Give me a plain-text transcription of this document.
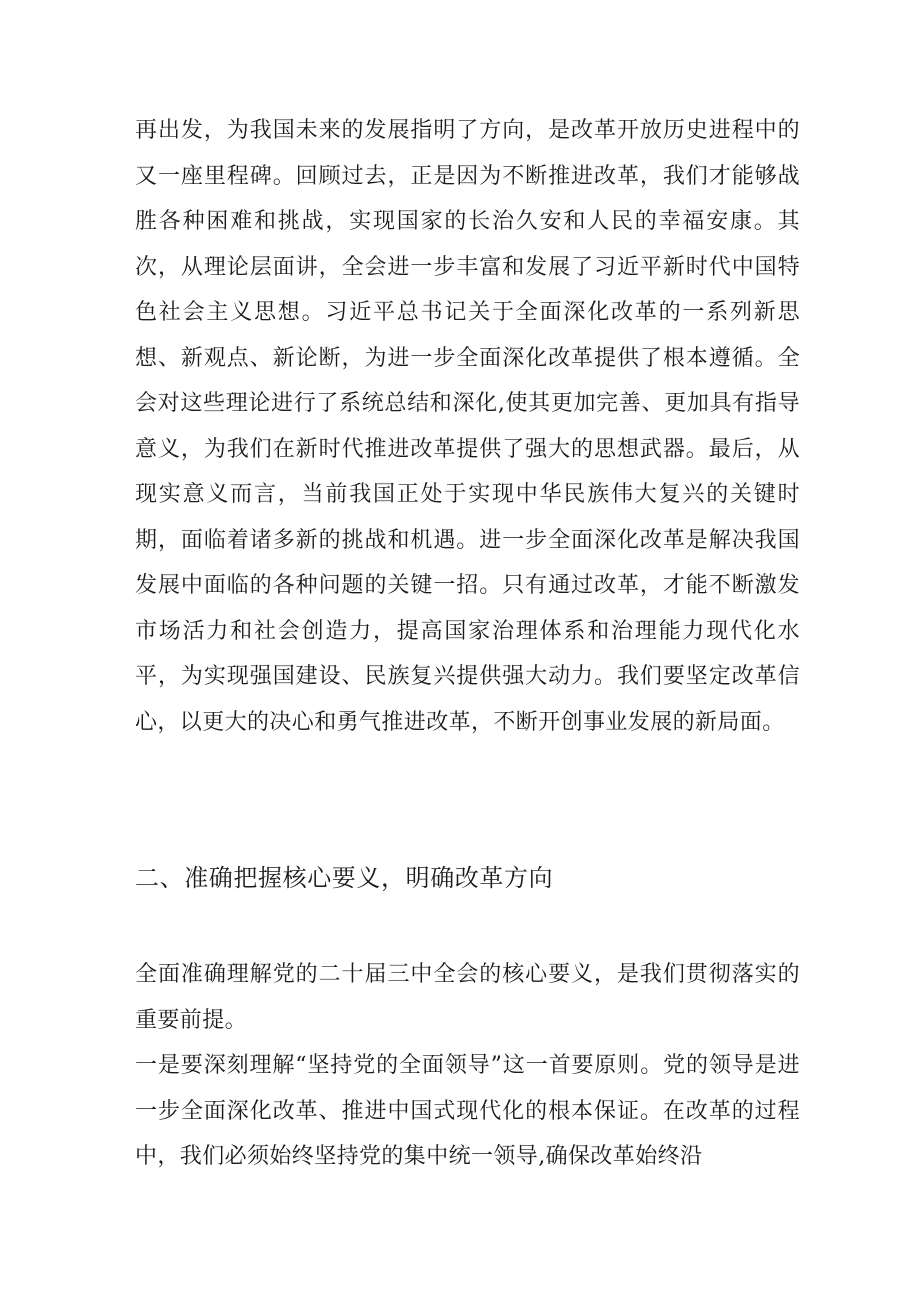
再出发，为我国未来的发展指明了方向，是改革开放历史进程中的又一座里程碑。回顾过去，正是因为不断推进改革，我们才能够战胜各种困难和挑战，实现国家的长治久安和人民的幸福安康。其次，从理论层面讲，全会进一步丰富和发展了习近平新时代中国特色社会主义思想。习近平总书记关于全面深化改革的一系列新思想、新观点、新论断，为进一步全面深化改革提供了根本遵循。全会对这些理论进行了系统总结和深化,使其更加完善、更加具有指导意义，为我们在新时代推进改革提供了强大的思想武器。最后，从现实意义而言，当前我国正处于实现中华民族伟大复兴的关键时期，面临着诸多新的挑战和机遇。进一步全面深化改革是解决我国发展中面临的各种问题的关键一招。只有通过改革，才能不断激发市场活力和社会创造力，提高国家治理体系和治理能力现代化水平，为实现强国建设、民族复兴提供强大动力。我们要坚定改革信心，以更大的决心和勇气推进改革，不断开创事业发展的新局面。

二、准确把握核心要义，明确改革方向

全面准确理解党的二十届三中全会的核心要义，是我们贯彻落实的重要前提。

一是要深刻理解“坚持党的全面领导”这一首要原则。党的领导是进一步全面深化改革、推进中国式现代化的根本保证。在改革的过程中，我们必须始终坚持党的集中统一领导,确保改革始终沿
